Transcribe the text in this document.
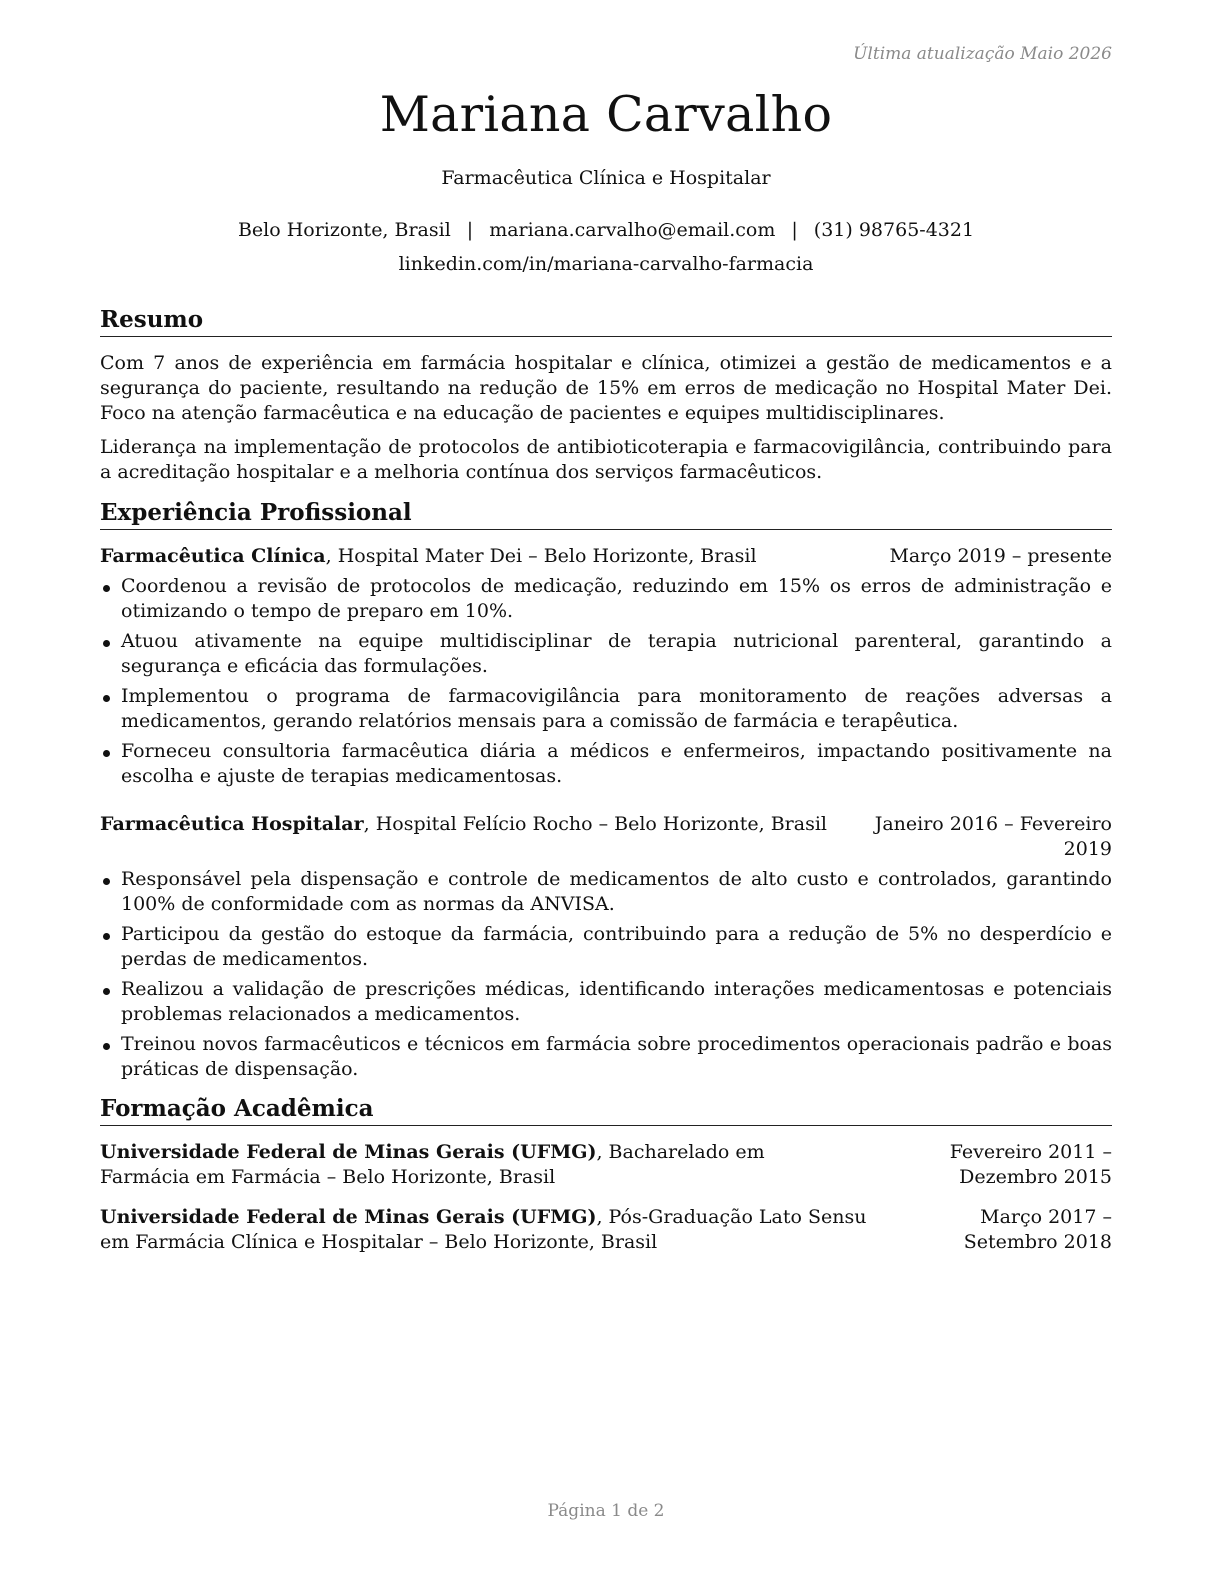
Última atualização Maio 2026
Mariana Carvalho
Farmacêutica Clínica e Hospitalar
Belo Horizonte, Brasil | mariana.carvalho@email.com | (31) 98765-4321
linkedin.com/in/mariana-carvalho-farmacia
Resumo

Com 7 anos de experiência em farmácia hospitalar e clínica, otimizei a gestão de medicamentos e a segurança do paciente, resultando na redução de 15% em erros de medicação no Hospital Mater Dei. Foco na atenção farmacêutica e na educação de pacientes e equipes multidisciplinares.

Liderança na implementação de protocolos de antibioticoterapia e farmacovigilância, contribuindo para a acreditação hospitalar e a melhoria contínua dos serviços farmacêuticos.

Experiência Profissional
Farmacêutica Clínica, Hospital Mater Dei – Belo Horizonte, Brasil	Março 2019 – presente
Coordenou a revisão de protocolos de medicação, reduzindo em 15% os erros de administração e otimizando o tempo de preparo em 10%.
Atuou ativamente na equipe multidisciplinar de terapia nutricional parenteral, garantindo a segurança e eficácia das formulações.
Implementou o programa de farmacovigilância para monitoramento de reações adversas a medicamentos, gerando relatórios mensais para a comissão de farmácia e terapêutica.
Forneceu consultoria farmacêutica diária a médicos e enfermeiros, impactando positivamente na escolha e ajuste de terapias medicamentosas.
Farmacêutica Hospitalar, Hospital Felício Rocho – Belo Horizonte, Brasil	Janeiro 2016 – Fevereiro 2019
Responsável pela dispensação e controle de medicamentos de alto custo e controlados, garantindo 100% de conformidade com as normas da ANVISA.
Participou da gestão do estoque da farmácia, contribuindo para a redução de 5% no desperdício e perdas de medicamentos.
Realizou a validação de prescrições médicas, identificando interações medicamentosas e potenciais problemas relacionados a medicamentos.
Treinou novos farmacêuticos e técnicos em farmácia sobre procedimentos operacionais padrão e boas práticas de dispensação.
Formação Acadêmica
Universidade Federal de Minas Gerais (UFMG), Bacharelado em Farmácia em Farmácia – Belo Horizonte, Brasil
Fevereiro 2011 – Dezembro 2015
Universidade Federal de Minas Gerais (UFMG), Pós-Graduação Lato Sensu em Farmácia Clínica e Hospitalar – Belo Horizonte, Brasil
Março 2017 – Setembro 2018
Página 1 de 2
